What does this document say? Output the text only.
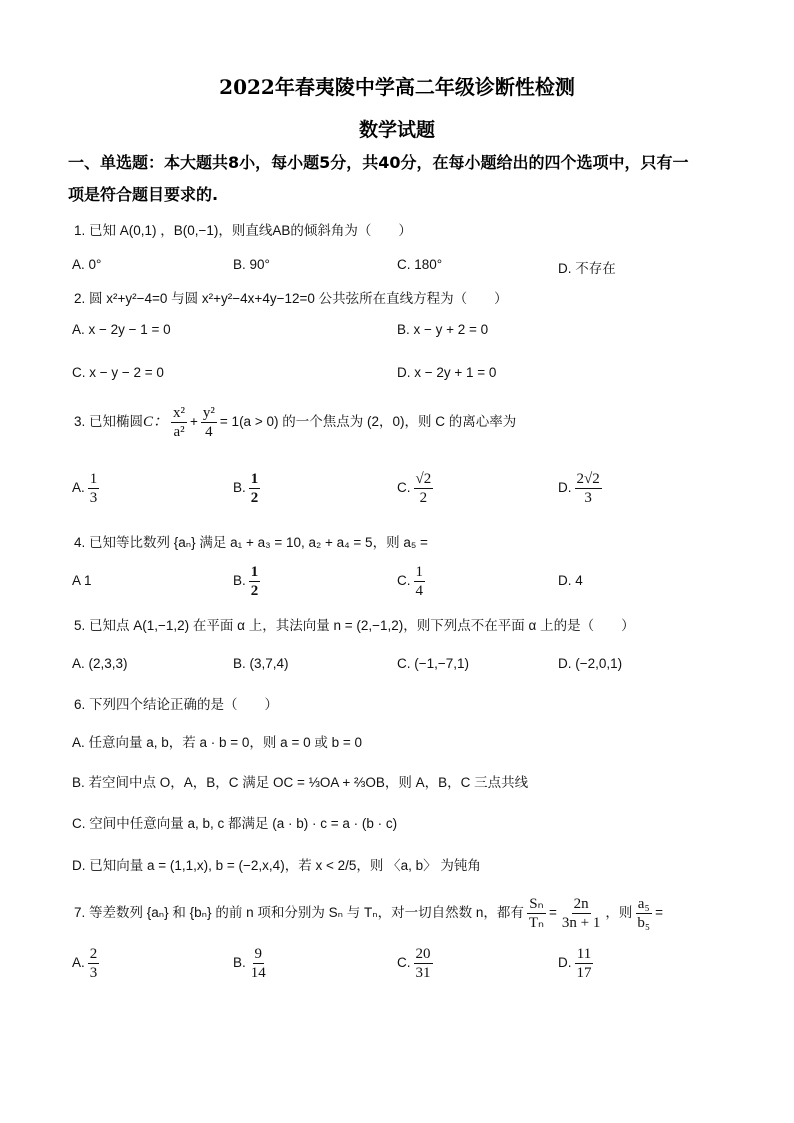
2022年春夷陵中学高二年级诊断性检测
数学试题
一、单选题：本大题共8小，每小题5分，共40分，在每小题给出的四个选项中，只有一
项是符合题目要求的.
1. 已知 A(0,1) ，B(0,−1)，则直线AB的倾斜角为（　　）
A. 0°	B. 90°	C. 180°	D. 不存在
2. 圆 x²+y²−4=0 与圆 x²+y²−4x+4y−12=0 公共弦所在直线方程为（　　）
A. x − 2y − 1 = 0	B. x − y + 2 = 0
C. x − y − 2 = 0	D. x − 2y + 1 = 0
3. 已知椭圆C： $\frac{\text{x²}}{\text{a²}} + \frac{\text{y²}}{4} = 1(a > 0)$ 的一个焦点为 (2，0)，则 C 的离心率为
A. $\frac{1}{3}$	B. $\frac{1}{2}$	C. $\frac{√2}{2}$	D. $\frac{2√2}{3}$
4. 已知等比数列 {aₙ} 满足 a₁ + a₃ = 10, a₂ + a₄ = 5，则 a₅ =
A 1	B. $\frac{1}{2}$	C. $\frac{1}{4}$	D. 4
5. 已知点 A(1,−1,2) 在平面 α 上，其法向量 n = (2,−1,2)，则下列点不在平面 α 上的是（　　）
A. (2,3,3)	B. (3,7,4)	C. (−1,−7,1)	D. (−2,0,1)
6. 下列四个结论正确的是（　　）
A. 任意向量 a, b，若 a · b = 0，则 a = 0 或 b = 0
B. 若空间中点 O，A，B，C 满足 OC = ⅓OA + ⅔OB，则 A，B，C 三点共线
C. 空间中任意向量 a, b, c 都满足 (a · b) · c = a · (b · c)
D. 已知向量 a = (1,1,x), b = (−2,x,4)，若 x < 2/5，则 〈a, b〉 为钝角
7. 等差数列 {aₙ} 和 {bₙ} 的前 n 项和分别为 Sₙ 与 Tₙ，对一切自然数 n，都有 $\frac{\text{Sₙ}}{\text{Tₙ}} = \frac{2n}{3n + 1}$ ，则 $\frac{\text{a₅}}{\text{b₅}}$ =
A. $\frac{2}{3}$	B. $\frac{9}{14}$	C. $\frac{20}{31}$	D. $\frac{11}{17}$
